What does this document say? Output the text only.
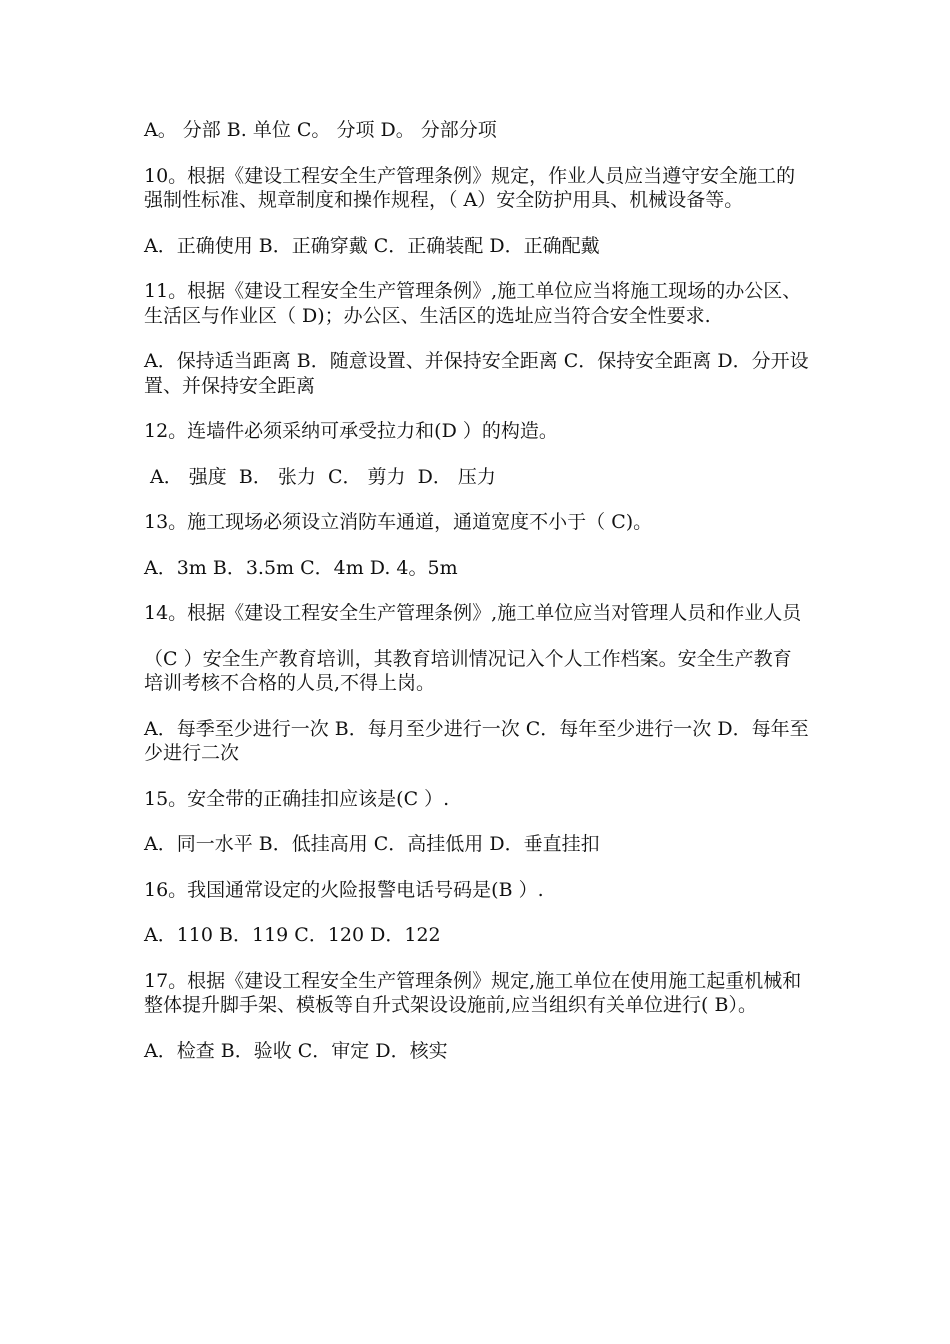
A。 分部 B. 单位 C。 分项 D。 分部分项

10。根据《建设工程安全生产管理条例》规定，作业人员应当遵守安全施工的强制性标准、规章制度和操作规程，（ A）安全防护用具、机械设备等。

A．正确使用 B．正确穿戴 C．正确装配 D．正确配戴

11。根据《建设工程安全生产管理条例》,施工单位应当将施工现场的办公区、生活区与作业区（ D)；办公区、生活区的选址应当符合安全性要求.

A．保持适当距离 B．随意设置、并保持安全距离 C．保持安全距离 D．分开设置、并保持安全距离

12。连墙件必须采纳可承受拉力和(D ）的构造。

A． 强度  B． 张力  C． 剪力  D． 压力

13。施工现场必须设立消防车通道，通道宽度不小于（ C)。

A．3m B．3.5m C．4m D. 4。5m

14。根据《建设工程安全生产管理条例》,施工单位应当对管理人员和作业人员

（C ）安全生产教育培训，其教育培训情况记入个人工作档案。安全生产教育培训考核不合格的人员,不得上岗。

A．每季至少进行一次 B．每月至少进行一次 C．每年至少进行一次 D．每年至少进行二次

15。安全带的正确挂扣应该是(C ）.

A．同一水平 B．低挂高用 C．高挂低用 D．垂直挂扣

16。我国通常设定的火险报警电话号码是(B ）.

A．110 B．119 C．120 D．122

17。根据《建设工程安全生产管理条例》规定,施工单位在使用施工起重机械和整体提升脚手架、模板等自升式架设设施前,应当组织有关单位进行( B）。

A．检查 B．验收 C．审定 D．核实
